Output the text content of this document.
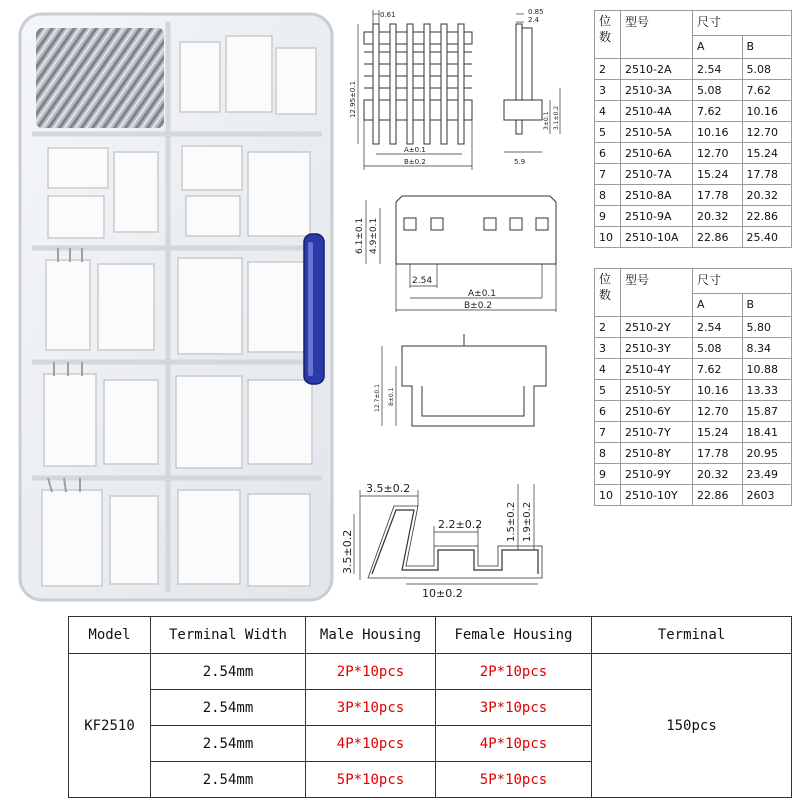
0.61
12.95±0.1
A±0.1
B±0.2
0.85
2.4
3±0.1 3.1±0.2
5.9
6.1±0.1 4.9±0.1
2.54
A±0.1
B±0.2
12.7±0.1 8±0.1
3.5±0.2
1.5±0.2 1.9±0.2
2.2±0.2
3.5±0.2
10±0.2
位
数	型号	尺寸	
		A	B
2	2510-2A	2.54	5.08
3	2510-3A	5.08	7.62
4	2510-4A	7.62	10.16
5	2510-5A	10.16	12.70
6	2510-6A	12.70	15.24
7	2510-7A	15.24	17.78
8	2510-8A	17.78	20.32
9	2510-9A	20.32	22.86
10	2510-10A	22.86	25.40
位
数	型号	尺寸	
		A	B
2	2510-2Y	2.54	5.80
3	2510-3Y	5.08	8.34
4	2510-4Y	7.62	10.88
5	2510-5Y	10.16	13.33
6	2510-6Y	12.70	15.87
7	2510-7Y	15.24	18.41
8	2510-8Y	17.78	20.95
9	2510-9Y	20.32	23.49
10	2510-10Y	22.86	2603
Model	Terminal Width	Male Housing	Female Housing	Terminal
KF2510	2.54mm	2P*10pcs	2P*10pcs	150pcs
	2.54mm	3P*10pcs	3P*10pcs	
	2.54mm	4P*10pcs	4P*10pcs	
	2.54mm	5P*10pcs	5P*10pcs	
